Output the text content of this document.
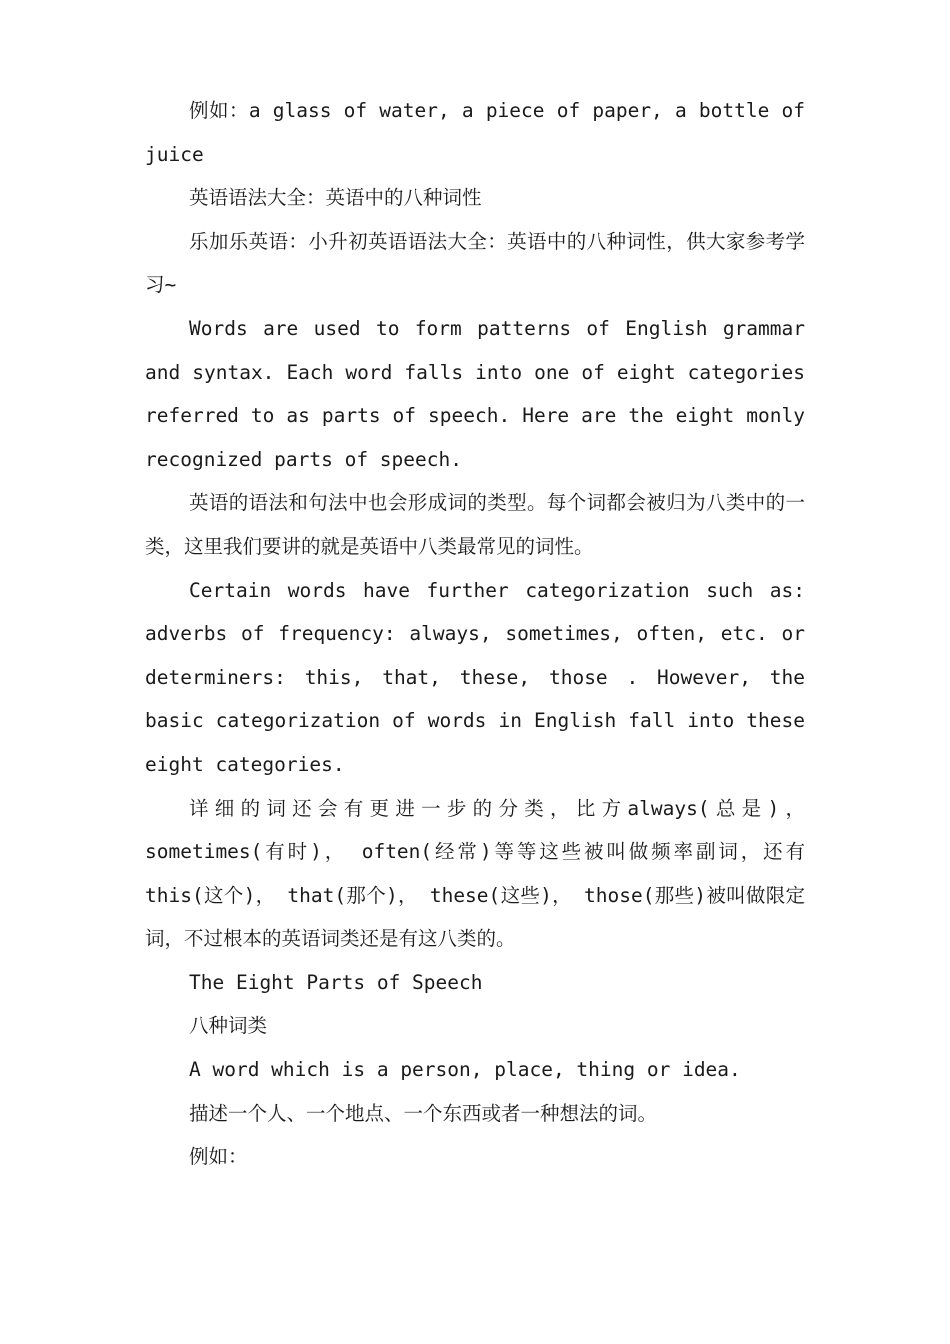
例如：a glass of water, a piece of paper, a bottle of juice

英语语法大全：英语中的八种词性

乐加乐英语：小升初英语语法大全：英语中的八种词性，供大家参考学习~

Words are used to form patterns of English grammar and syntax. Each word falls into one of eight categories referred to as parts of speech. Here are the eight monly recognized parts of speech.

英语的语法和句法中也会形成词的类型。每个词都会被归为八类中的一类，这里我们要讲的就是英语中八类最常见的词性。

Certain words have further categorization such as: adverbs of frequency: always, sometimes, often, etc. or determiners: this, that, these, those . However, the basic categorization of words in English fall into these eight categories.

详细的词还会有更进一步的分类，比方always(总是)，sometimes(有时)， often(经常)等等这些被叫做频率副词，还有this(这个)， that(那个)， these(这些)， those(那些)被叫做限定词，不过根本的英语词类还是有这八类的。

The Eight Parts of Speech

八种词类

A word which is a person, place, thing or idea.

描述一个人、一个地点、一个东西或者一种想法的词。

例如：
